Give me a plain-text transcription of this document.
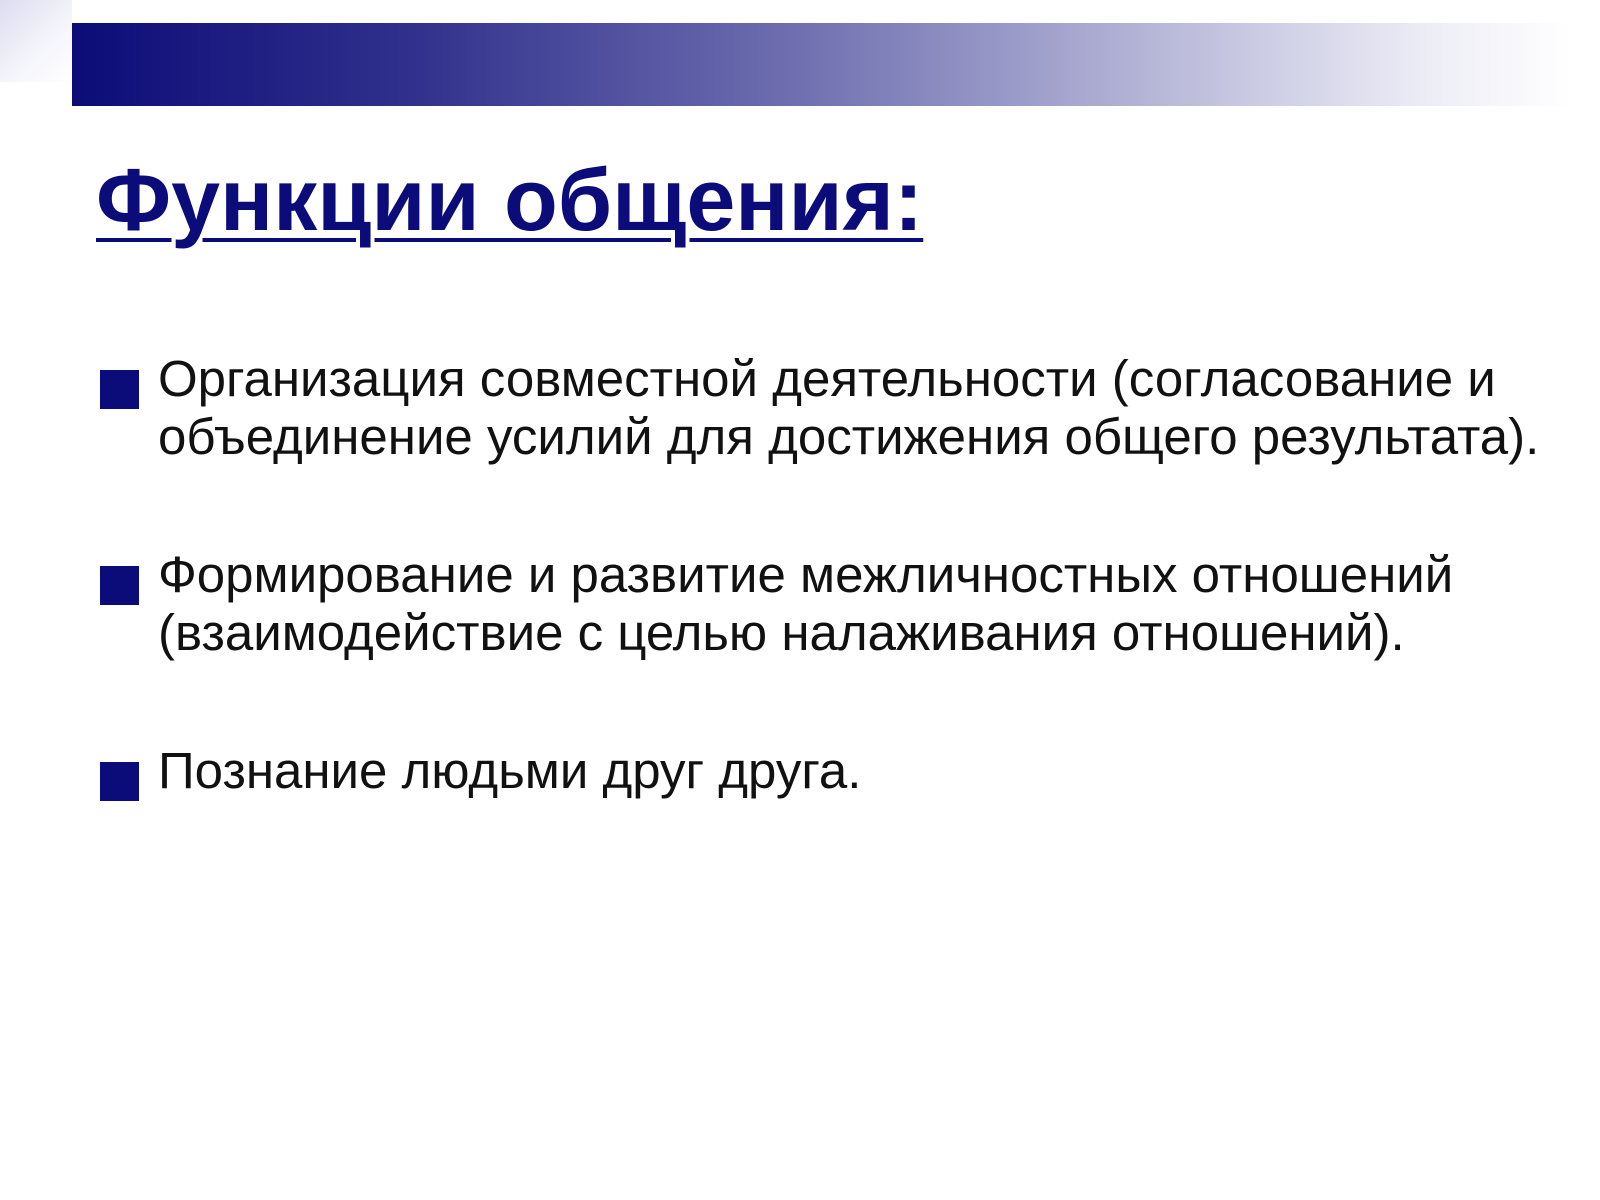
Функции общения:
Организация совместной деятельности (согласование и объединение усилий для достижения общего результата).
Формирование и развитие межличностных отношений (взаимодействие с целью налаживания отношений).
Познание людьми друг друга.
